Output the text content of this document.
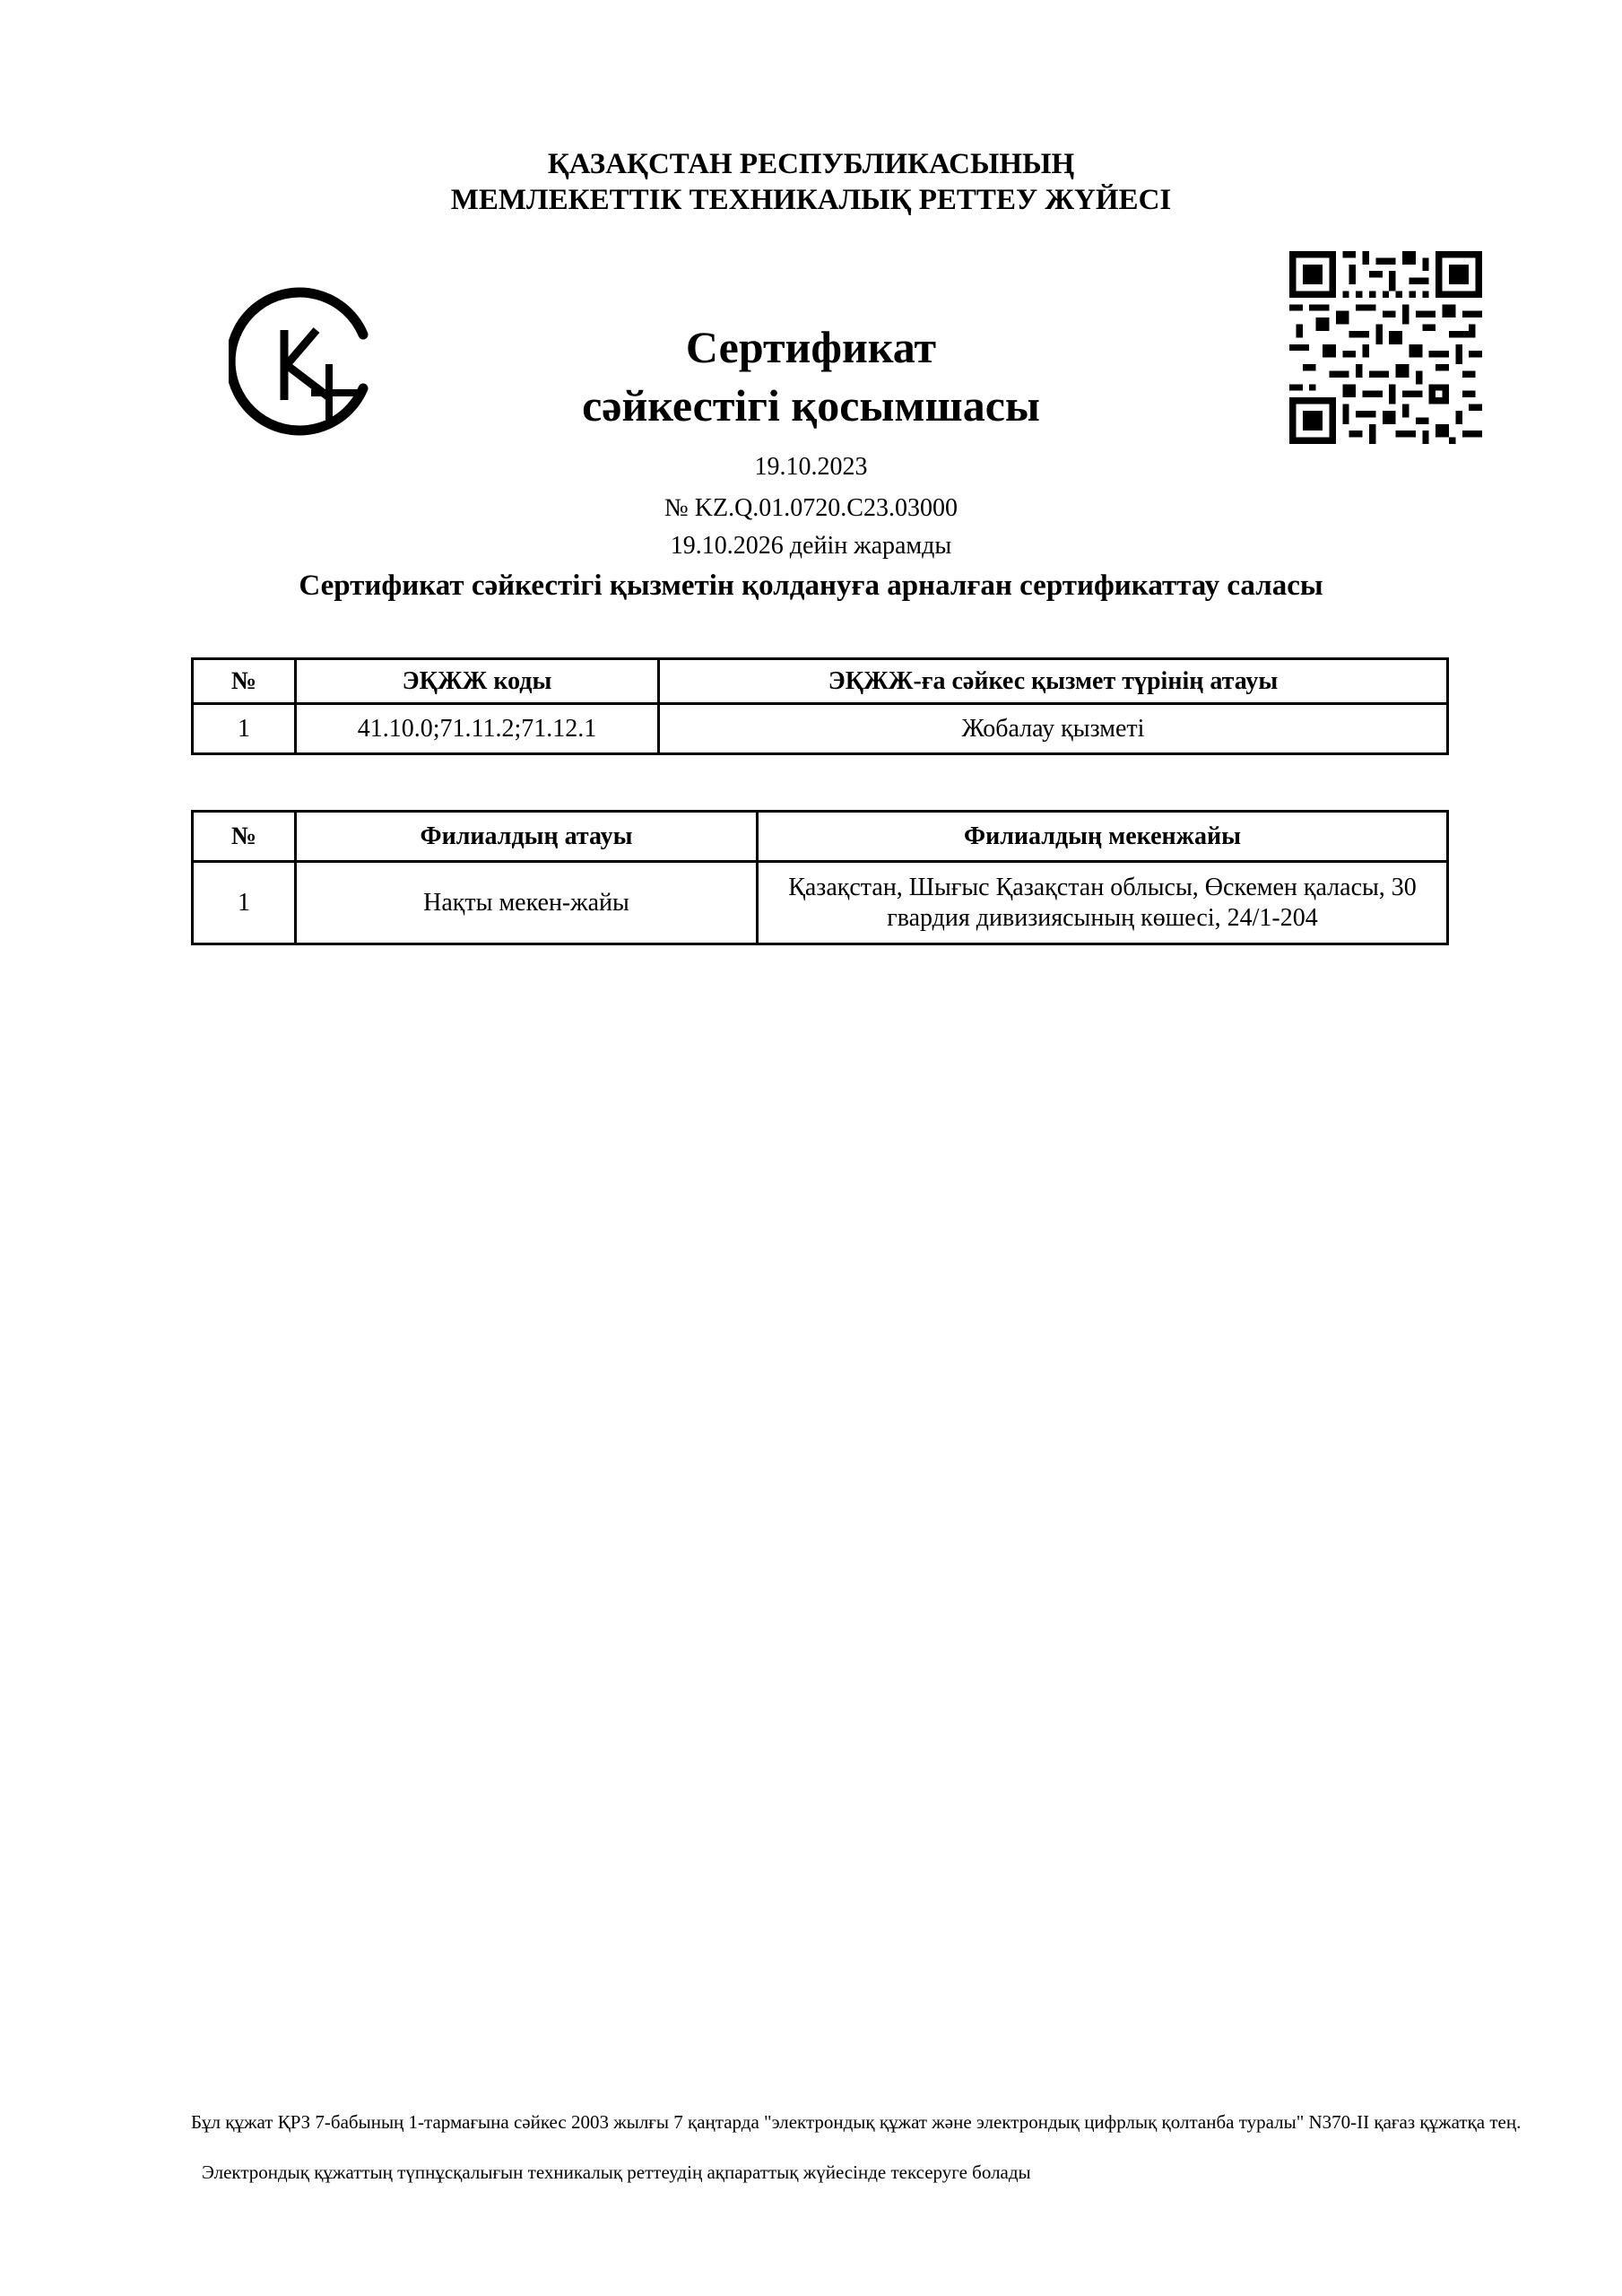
ҚАЗАҚСТАН РЕСПУБЛИКАСЫНЫҢ
МЕМЛЕКЕТТІК ТЕХНИКАЛЫҚ РЕТТЕУ ЖҮЙЕСІ
Сертификат
сәйкестігі қосымшасы
19.10.2023
№ KZ.Q.01.0720.C23.03000
19.10.2026 дейін жарамды
Сертификат сәйкестігі қызметін қолдануға арналған сертификаттау саласы
№	ЭҚЖЖ коды	ЭҚЖЖ-ға сәйкес қызмет түрінің атауы
1	41.10.0;71.11.2;71.12.1	Жобалау қызметі
№	Филиалдың атауы	Филиалдың мекенжайы
1	Нақты мекен-жайы	Қазақстан, Шығыс Қазақстан облысы, Өскемен қаласы, 30 гвардия дивизиясының көшесі, 24/1-204
Бұл құжат ҚРЗ 7-бабының 1-тармағына сәйкес 2003 жылғы 7 қаңтарда "электрондық құжат және электрондық цифрлық қолтанба туралы" N370-II қағаз құжатқа тең.
Электрондық құжаттың түпнұсқалығын техникалық реттеудің ақпараттық жүйесінде тексеруге болады
